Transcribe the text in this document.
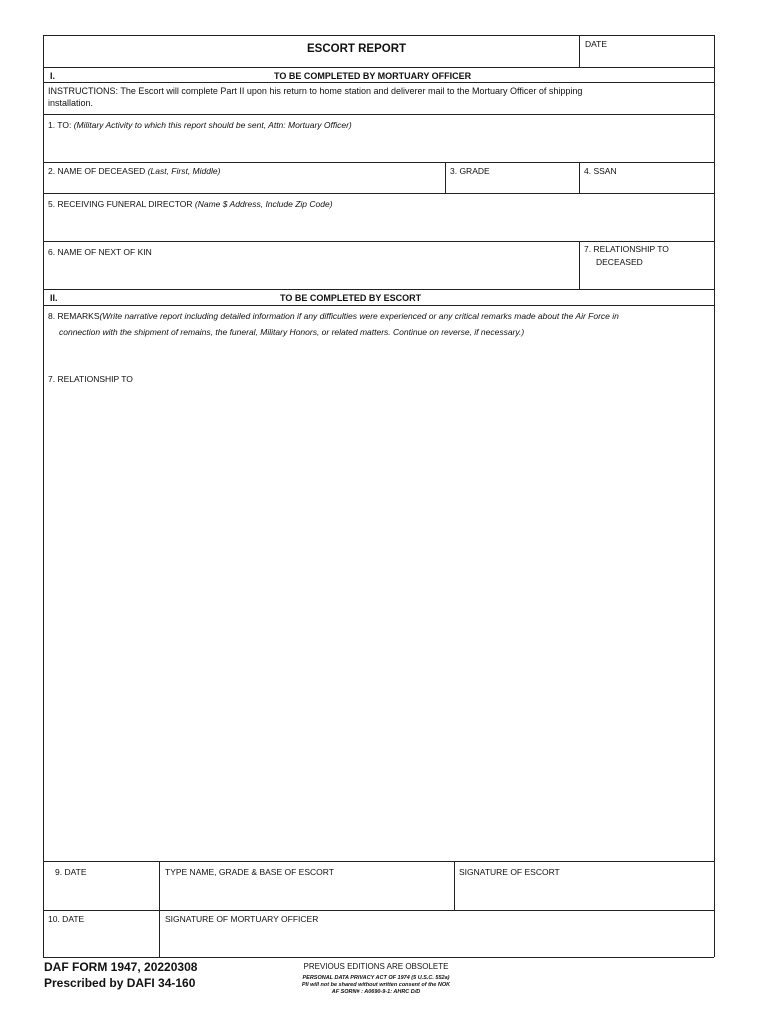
ESCORT REPORT	DATE
I.	TO BE COMPLETED BY MORTUARY OFFICER
INSTRUCTIONS: The Escort will complete Part II upon his return to home station and deliverer mail to the Mortuary Officer of shipping
installation.
1. TO: (Military Activity to which this report should be sent, Attn: Mortuary Officer)
2. NAME OF DECEASED (Last, First, Middle)	3. GRADE	4. SSAN
5. RECEIVING FUNERAL DIRECTOR (Name $ Address, Include Zip Code)
6. NAME OF NEXT OF KIN	7. RELATIONSHIP TO
DECEASED
II.	TO BE COMPLETED BY ESCORT
8. REMARKS(Write narrative report including detailed information if any difficulties were experienced or any critical remarks made about the Air Force in
connection with the shipment of remains, the funeral, Military Honors, or related matters. Continue on reverse, if necessary.)
7. RELATIONSHIP TO
9. DATE	TYPE NAME, GRADE & BASE OF ESCORT	SIGNATURE OF ESCORT
10. DATE	SIGNATURE OF MORTUARY OFFICER
DAF FORM 1947, 20220308
Prescribed by DAFI 34-160
PREVIOUS EDITIONS ARE OBSOLETE
PERSONAL DATA PRIVACY ACT OF 1974 (5 U.S.C. 552a)
PII will not be shared without written consent of the NOK
AF SORN# : A0690-9-1: AHRC D/D
